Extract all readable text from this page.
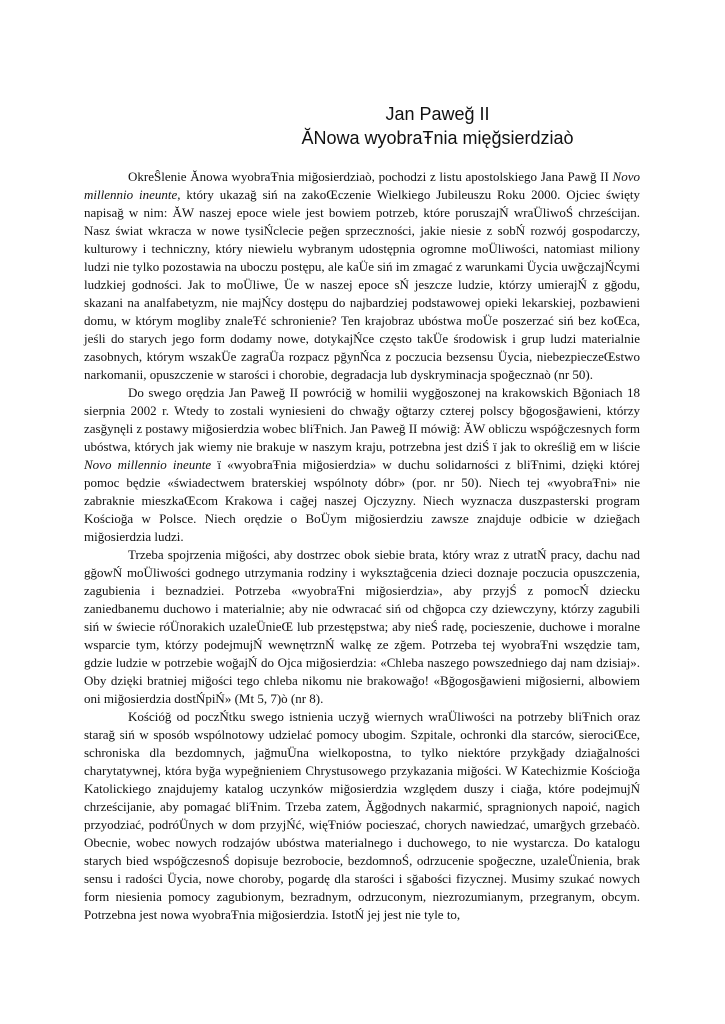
Jan Paweğ II
ĂNowa wyobraŦnia mięğsierdziaò

OkreŜlenie Ănowa wyobraŦnia miğosierdziaò, pochodzi z listu apostolskiego Jana Pawğ II Novo millennio ineunte, który ukazağ siń na zakoŒczenie Wielkiego Jubileuszu Roku 2000. Ojciec święty napisağ w nim: ĂW naszej epoce wiele jest bowiem potrzeb, które poruszajŃ wraÜliwoŚ chrześcijan. Nasz świat wkracza w nowe tysiŃclecie peğen sprzeczności, jakie niesie z sobŃ rozwój gospodarczy, kulturowy i techniczny, który niewielu wybranym udostępnia ogromne moÜliwości, natomiast miliony ludzi nie tylko pozostawia na uboczu postępu, ale kaÜe siń im zmagać z warunkami Üycia uwğczajŃcymi ludzkiej godności. Jak to moÜliwe, Üe w naszej epoce sŃ jeszcze ludzie, którzy umierajŃ z gğodu, skazani na analfabetyzm, nie majŃcy dostępu do najbardziej podstawowej opieki lekarskiej, pozbawieni domu, w którym mogliby znaleŦć schronienie? Ten krajobraz ubóstwa moÜe poszerzać siń bez koŒca, jeśli do starych jego form dodamy nowe, dotykajŃce często takÜe środowisk i grup ludzi materialnie zasobnych, którym wszakÜe zagraÜa rozpacz pğynŃca z poczucia bezsensu Üycia, niebezpieczeŒstwo narkomanii, opuszczenie w starości i chorobie, degradacja lub dyskryminacja spoğecznaò (nr 50).

Do swego orędzia Jan Paweğ II powróciğ w homilii wygğoszonej na krakowskich Bğoniach 18 sierpnia 2002 r. Wtedy to zostali wyniesieni do chwağy oğtarzy czterej polscy bğogosğawieni, którzy zasğynęli z postawy miğosierdzia wobec bliŦnich. Jan Paweğ II mówiğ: ĂW obliczu wspóğczesnych form ubóstwa, których jak wiemy nie brakuje w naszym kraju, potrzebna jest dziŚ ï jak to określiğ em w liście Novo millennio ineunte ï «wyobraŦnia miğosierdzia» w duchu solidarności z bliŦnimi, dzięki której pomoc będzie «świadectwem braterskiej wspólnoty dóbr» (por. nr 50). Niech tej «wyobraŦni» nie zabraknie mieszkaŒcom Krakowa i cağej naszej Ojczyzny. Niech wyznacza duszpasterski program Kościoğa w Polsce. Niech orędzie o BoÜym miğosierdziu zawsze znajduje odbicie w dzieğach miğosierdzia ludzi.

Trzeba spojrzenia miğości, aby dostrzec obok siebie brata, który wraz z utratŃ pracy, dachu nad gğowŃ moÜliwości godnego utrzymania rodziny i wyksztağcenia dzieci doznaje poczucia opuszczenia, zagubienia i beznadziei. Potrzeba «wyobraŦni miğosierdzia», aby przyjŚ z pomocŃ dziecku zaniedbanemu duchowo i materialnie; aby nie odwracać siń od chğopca czy dziewczyny, którzy zagubili siń w świecie róÜnorakich uzaleÜnieŒ lub przestępstwa; aby nieŚ radę, pocieszenie, duchowe i moralne wsparcie tym, którzy podejmujŃ wewnętrznŃ walkę ze zğem. Potrzeba tej wyobraŦni wszędzie tam, gdzie ludzie w potrzebie woğajŃ do Ojca miğosierdzia: «Chleba naszego powszedniego daj nam dzisiaj». Oby dzięki bratniej miğości tego chleba nikomu nie brakowağo! «Bğogosğawieni miğosierni, albowiem oni miğosierdzia dostŃpiŃ» (Mt 5, 7)ò (nr 8).

Kościóğ od poczŃtku swego istnienia uczyğ wiernych wraÜliwości na potrzeby bliŦnich oraz starağ siń w sposób wspólnotowy udzielać pomocy ubogim. Szpitale, ochronki dla starców, sierociŒce, schroniska dla bezdomnych, jağmuÜna wielkopostna, to tylko niektóre przykğady dziağalności charytatywnej, która byğa wypeğnieniem Chrystusowego przykazania miğości. W Katechizmie Kościoğa Katolickiego znajdujemy katalog uczynków miğosierdzia względem duszy i ciağa, które podejmujŃ chrześcijanie, aby pomagać bliŦnim. Trzeba zatem, Ăgğodnych nakarmić, spragnionych napoić, nagich przyodziać, podróÜnych w dom przyjŃć, więŦniów pocieszać, chorych nawiedzać, umarğych grzebaćò. Obecnie, wobec nowych rodzajów ubóstwa materialnego i duchowego, to nie wystarcza. Do katalogu starych bied wspóğczesnoŚ dopisuje bezrobocie, bezdomnoŚ, odrzucenie spoğeczne, uzaleÜnienia, brak sensu i radości Üycia, nowe choroby, pogardę dla starości i sğabości fizycznej. Musimy szukać nowych form niesienia pomocy zagubionym, bezradnym, odrzuconym, niezrozumianym, przegranym, obcym. Potrzebna jest nowa wyobraŦnia miğosierdzia. IstotŃ jej jest nie tyle to,
